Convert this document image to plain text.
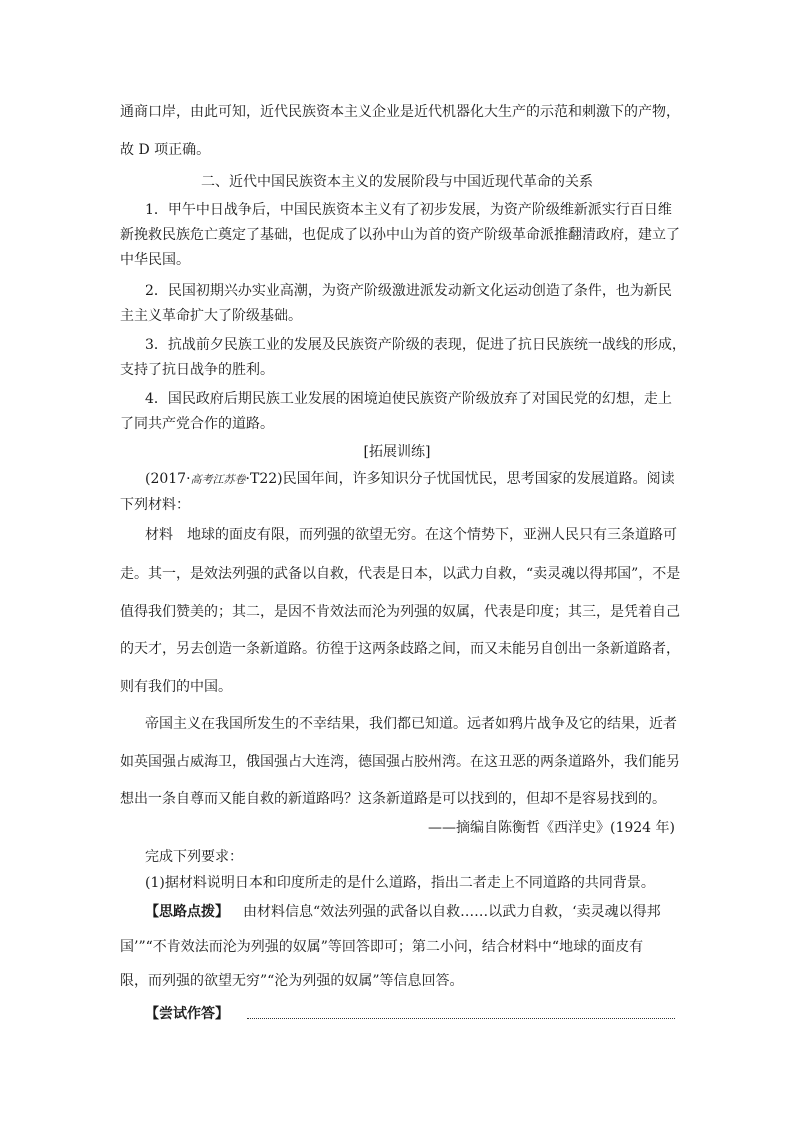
通商口岸，由此可知，近代民族资本主义企业是近代机器化大生产的示范和刺激下的产物，
故 D 项正确。
二、近代中国民族资本主义的发展阶段与中国近现代革命的关系
1．甲午中日战争后，中国民族资本主义有了初步发展，为资产阶级维新派实行百日维
新挽救民族危亡奠定了基础，也促成了以孙中山为首的资产阶级革命派推翻清政府，建立了
中华民国。
2．民国初期兴办实业高潮，为资产阶级激进派发动新文化运动创造了条件，也为新民
主主义革命扩大了阶级基础。
3．抗战前夕民族工业的发展及民族资产阶级的表现，促进了抗日民族统一战线的形成，
支持了抗日战争的胜利。
4．国民政府后期民族工业发展的困境迫使民族资产阶级放弃了对国民党的幻想，走上
了同共产党合作的道路。
[拓展训练]
(2017·高考江苏卷·T22)民国年间，许多知识分子忧国忧民，思考国家的发展道路。阅读
下列材料：
材料 地球的面皮有限，而列强的欲望无穷。在这个情势下，亚洲人民只有三条道路可
走。其一，是效法列强的武备以自救，代表是日本，以武力自救，“卖灵魂以得邦国”，不是
值得我们赞美的；其二，是因不肯效法而沦为列强的奴属，代表是印度；其三，是凭着自己
的天才，另去创造一条新道路。彷徨于这两条歧路之间，而又未能另自创出一条新道路者，
则有我们的中国。
帝国主义在我国所发生的不幸结果，我们都已知道。远者如鸦片战争及它的结果，近者
如英国强占威海卫，俄国强占大连湾，德国强占胶州湾。在这丑恶的两条道路外，我们能另
想出一条自尊而又能自救的新道路吗？这条新道路是可以找到的，但却不是容易找到的。
——摘编自陈衡哲《西洋史》(1924 年)
完成下列要求：
(1)据材料说明日本和印度所走的是什么道路，指出二者走上不同道路的共同背景。
【思路点拨】 由材料信息“效法列强的武备以自救……以武力自救，‘卖灵魂以得邦
国’”“不肯效法而沦为列强的奴属”等回答即可；第二小问，结合材料中“地球的面皮有
限，而列强的欲望无穷”“沦为列强的奴属”等信息回答。
【尝试作答】
